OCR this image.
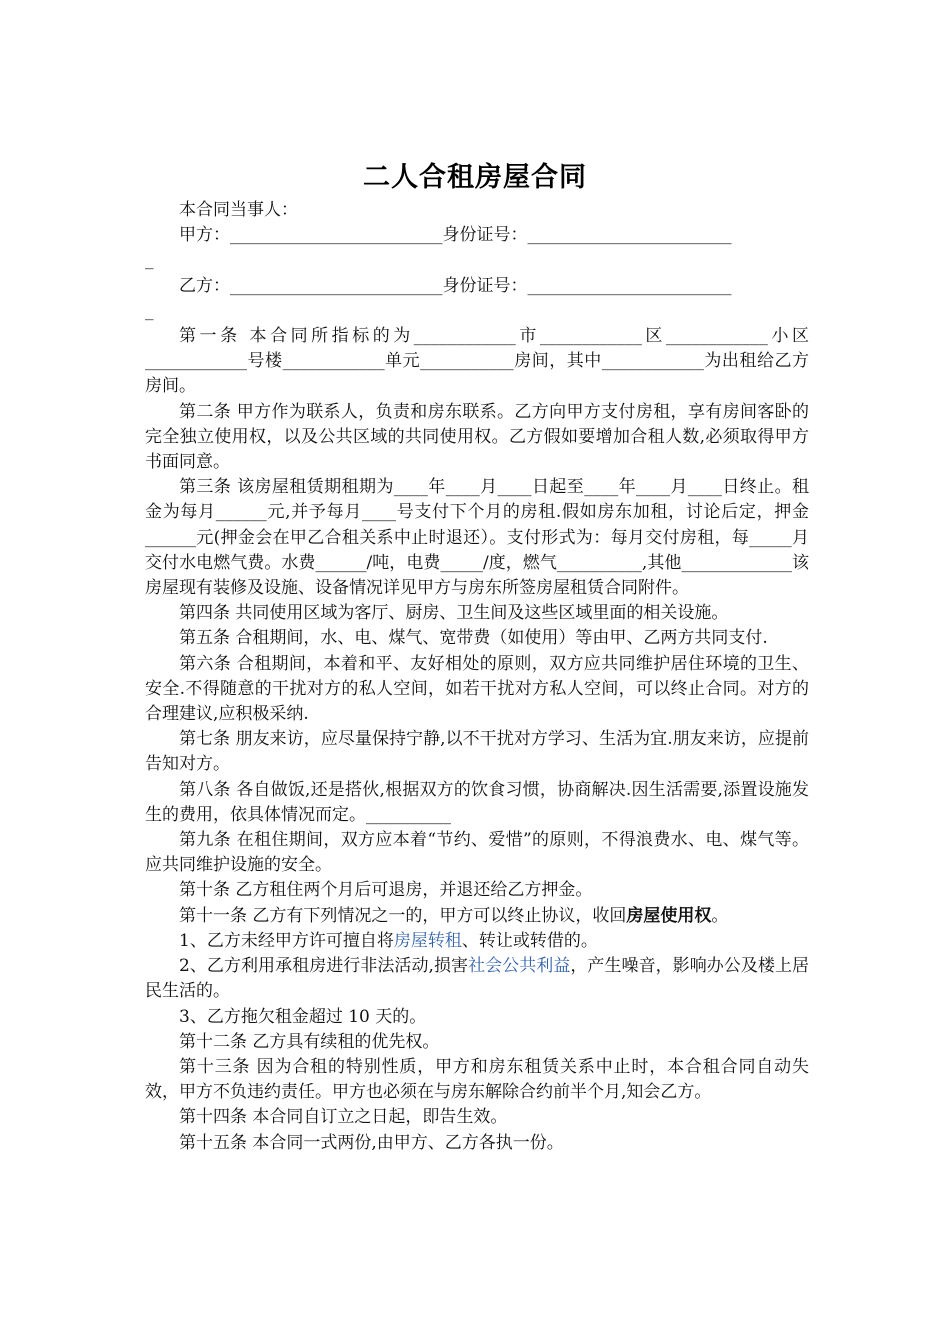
二人合租房屋合同

本合同当事人：

甲方：_________________________身份证号：________________________

_

乙方：_________________________身份证号：________________________

_

第一条 本合同所指标的为____________市____________区____________小区____________号楼____________单元___________房间，其中____________为出租给乙方房间。

第二条 甲方作为联系人，负责和房东联系。乙方向甲方支付房租，享有房间客卧的完全独立使用权，以及公共区域的共同使用权。乙方假如要增加合租人数,必须取得甲方书面同意。

第三条 该房屋租赁期租期为____年____月____日起至____年____月____日终止。租金为每月______元,并予每月____号支付下个月的房租.假如房东加租，讨论后定，押金______元(押金会在甲乙合租关系中止时退还）。支付形式为：每月交付房租，每_____月交付水电燃气费。水费______/吨，电费_____/度，燃气__________,其他_____________该房屋现有装修及设施、设备情况详见甲方与房东所签房屋租赁合同附件。

第四条 共同使用区域为客厅、厨房、卫生间及这些区域里面的相关设施。

第五条 合租期间，水、电、煤气、宽带费（如使用）等由甲、乙两方共同支付.

第六条 合租期间，本着和平、友好相处的原则，双方应共同维护居住环境的卫生、安全.不得随意的干扰对方的私人空间，如若干扰对方私人空间，可以终止合同。对方的合理建议,应积极采纳.

第七条 朋友来访，应尽量保持宁静,以不干扰对方学习、生活为宜.朋友来访，应提前告知对方。

第八条 各自做饭,还是搭伙,根据双方的饮食习惯，协商解决.因生活需要,添置设施发生的费用，依具体情况而定。__________

第九条 在租住期间，双方应本着“节约、爱惜”的原则，不得浪费水、电、煤气等。应共同维护设施的安全。

第十条 乙方租住两个月后可退房，并退还给乙方押金。

第十一条 乙方有下列情况之一的，甲方可以终止协议，收回房屋使用权。

1、乙方未经甲方许可擅自将房屋转租、转让或转借的。

2、乙方利用承租房进行非法活动,损害社会公共利益，产生噪音，影响办公及楼上居民生活的。

3、乙方拖欠租金超过 10 天的。

第十二条 乙方具有续租的优先权。

第十三条 因为合租的特别性质，甲方和房东租赁关系中止时，本合租合同自动失效，甲方不负违约责任。甲方也必须在与房东解除合约前半个月,知会乙方。

第十四条 本合同自订立之日起，即告生效。

第十五条 本合同一式两份,由甲方、乙方各执一份。
